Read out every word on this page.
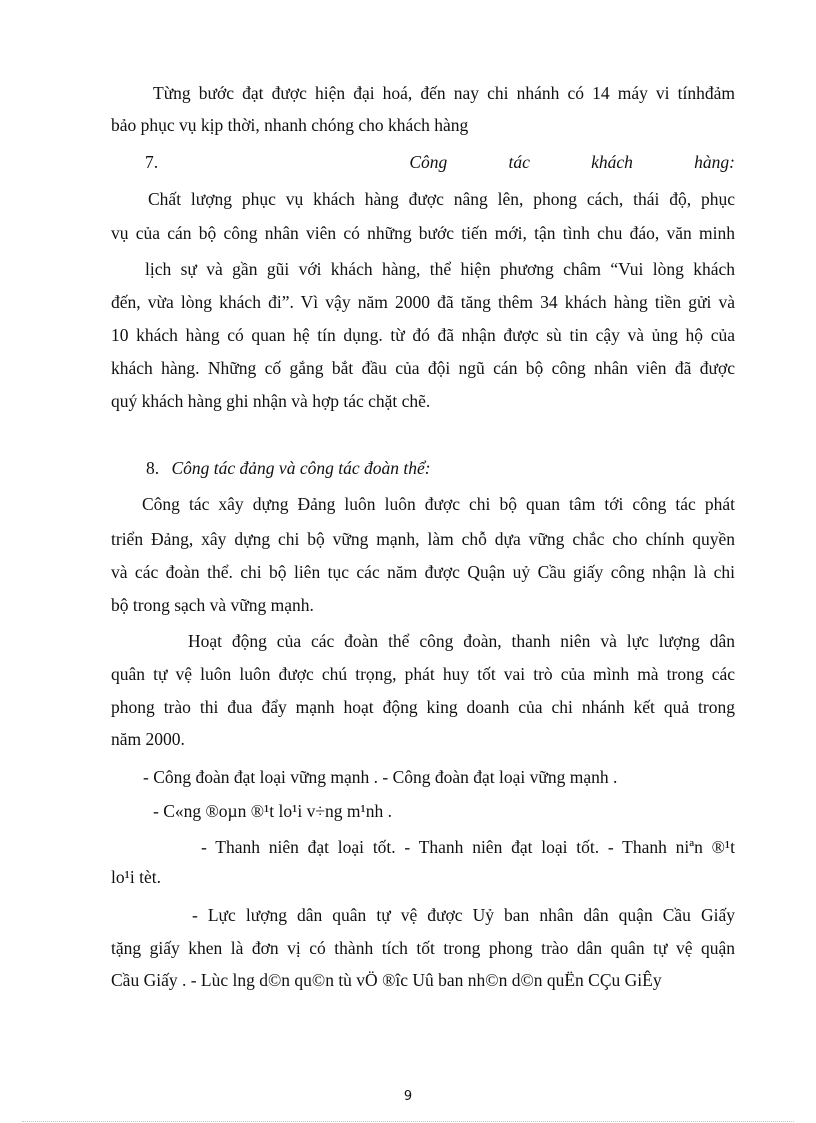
Từng bước đạt được hiện đại hoá, đến nay chi nhánh có 14 máy vi tínhđảm

bảo phục vụ kịp thời, nhanh chóng cho khách hàng

7.	Công	tác	khách	hàng:

Chất lượng phục vụ khách hàng được nâng lên, phong cách, thái độ, phục

vụ của cán bộ công nhân viên có những bước tiến mới, tận tình chu đáo, văn minh

lịch sự và gần gũi với khách hàng, thể hiện phương châm “Vui lòng khách

đến, vừa lòng khách đi”. Vì vậy năm 2000 đã tăng thêm 34 khách hàng tiền gửi và

10 khách hàng có quan hệ tín dụng. từ đó đã nhận được sù tin cậy và ủng hộ của

khách hàng. Những cố gắng bắt đầu của đội ngũ cán bộ công nhân viên đã được

quý khách hàng ghi nhận và hợp tác chặt chẽ.

8. Công tác đảng và công tác đoàn thể:

Công tác xây dựng Đảng luôn luôn được chi bộ quan tâm tới công tác phát

triển Đảng, xây dựng chi bộ vững mạnh, làm chỗ dựa vững chắc cho chính quyền

và các đoàn thể. chi bộ liên tục các năm được Quận uỷ Cầu giấy công nhận là chi

bộ trong sạch và vững mạnh.

Hoạt động của các đoàn thể công đoàn, thanh niên và lực lượng dân

quân tự vệ luôn luôn được chú trọng, phát huy tốt vai trò của mình mà trong các

phong trào thi đua đẩy mạnh hoạt động king doanh của chi nhánh kết quả trong

năm 2000.

- Công đoàn đạt loại vững mạnh . - Công đoàn đạt loại vững mạnh .

- C«ng ®oµn ®¹t lo¹i v÷ng m¹nh .

- Thanh niên đạt loại tốt. - Thanh niên đạt loại tốt. - Thanh niªn ®¹t

lo¹i tèt.

- Lực lượng dân quân tự vệ được Uỷ ban nhân dân quận Cầu Giấy

tặng giấy khen là đơn vị có thành tích tốt trong phong trào dân quân tự vệ quận

Cầu Giấy . - Lùc lng d©n qu©n tù vÖ ®îc Uû ban nh©n d©n quËn CÇu GiÊy

9
